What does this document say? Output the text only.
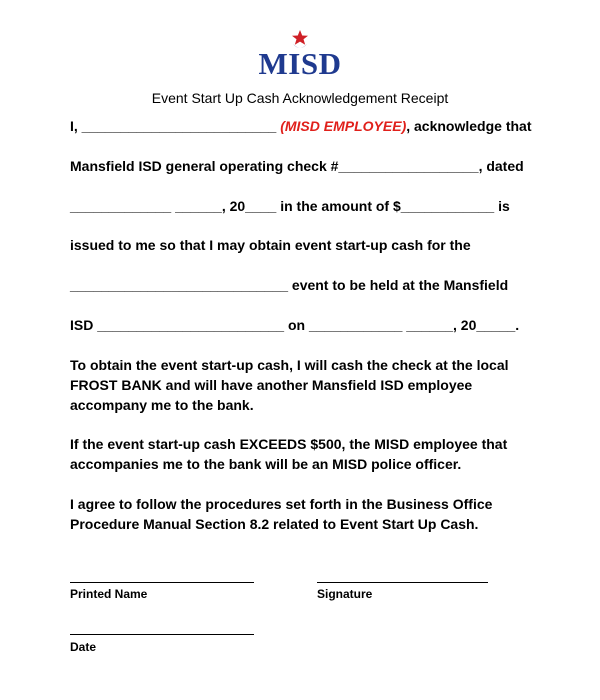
MISD
Event Start Up Cash Acknowledgement Receipt
I, _________________________ (MISD EMPLOYEE), acknowledge that
Mansfield ISD general operating check #__________________, dated
_____________ ______, 20____ in the amount of $____________ is
issued to me so that I may obtain event start-up cash for the
____________________________ event to be held at the Mansfield
ISD ________________________ on ____________ ______, 20_____.
To obtain the event start-up cash, I will cash the check at the local FROST BANK and will have another Mansfield ISD employee accompany me to the bank.
If the event start-up cash EXCEEDS $500, the MISD employee that accompanies me to the bank will be an MISD police officer.
I agree to follow the procedures set forth in the Business Office Procedure Manual Section 8.2 related to Event Start Up Cash.
Printed Name	Signature
Date
